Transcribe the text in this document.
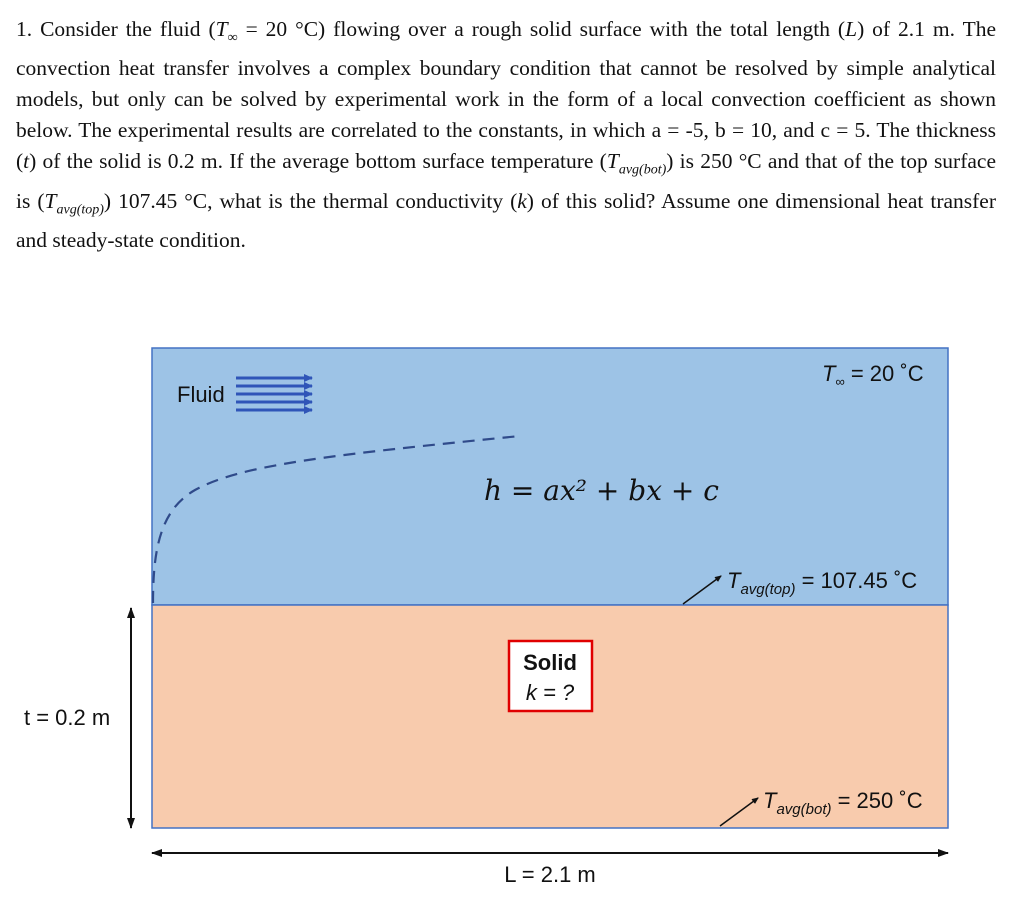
1. Consider the fluid ($T_\infty = 20$ °C) flowing over a rough solid surface with the total length (L) of 2.1 m. The convection heat transfer involves a complex boundary condition that cannot be resolved by simple analytical models, but only can be solved by experimental work in the form of a local convection coefficient as shown below. The experimental results are correlated to the constants, in which a = -5, b = 10, and c = 5. The thickness (t) of the solid is 0.2 m. If the average bottom surface temperature $(T_{avg(bot)})$ is 250 °C and that of the top surface is $(T_{avg(top)})$ 107.45 °C, what is the thermal conductivity (k) of this solid? Assume one dimensional heat transfer and steady-state condition.
Fluid
$T_\infty = 20$ ˚C
h = ax² + bx + c
$T_{avg(top)} = 107.45$ ˚C
Solid
k = ?
$T_{avg(bot)} = 250$ ˚C
t = 0.2 m
L = 2.1 m
